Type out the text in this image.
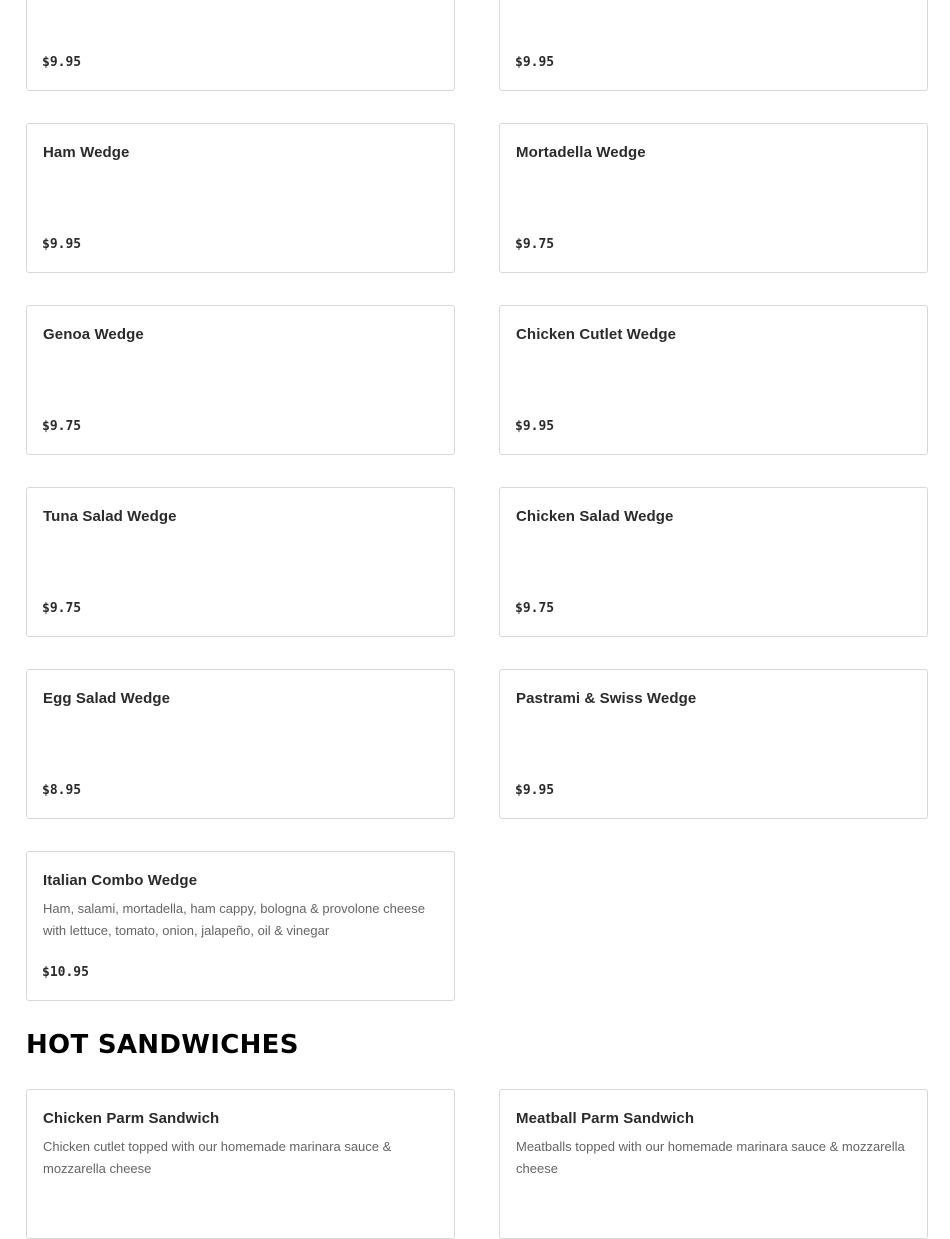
$9.95	$9.95
Ham Wedge
$9.95
Mortadella Wedge
$9.75
Genoa Wedge
$9.75
Chicken Cutlet Wedge
$9.95
Tuna Salad Wedge
$9.75
Chicken Salad Wedge
$9.75
Egg Salad Wedge
$8.95
Pastrami & Swiss Wedge
$9.95
Italian Combo Wedge
Ham, salami, mortadella, ham cappy, bologna & provolone cheese with lettuce, tomato, onion, jalapeño, oil & vinegar
$10.95
HOT SANDWICHES
Chicken Parm Sandwich
Chicken cutlet topped with our homemade marinara sauce & mozzarella cheese
Meatball Parm Sandwich
Meatballs topped with our homemade marinara sauce & mozzarella cheese
